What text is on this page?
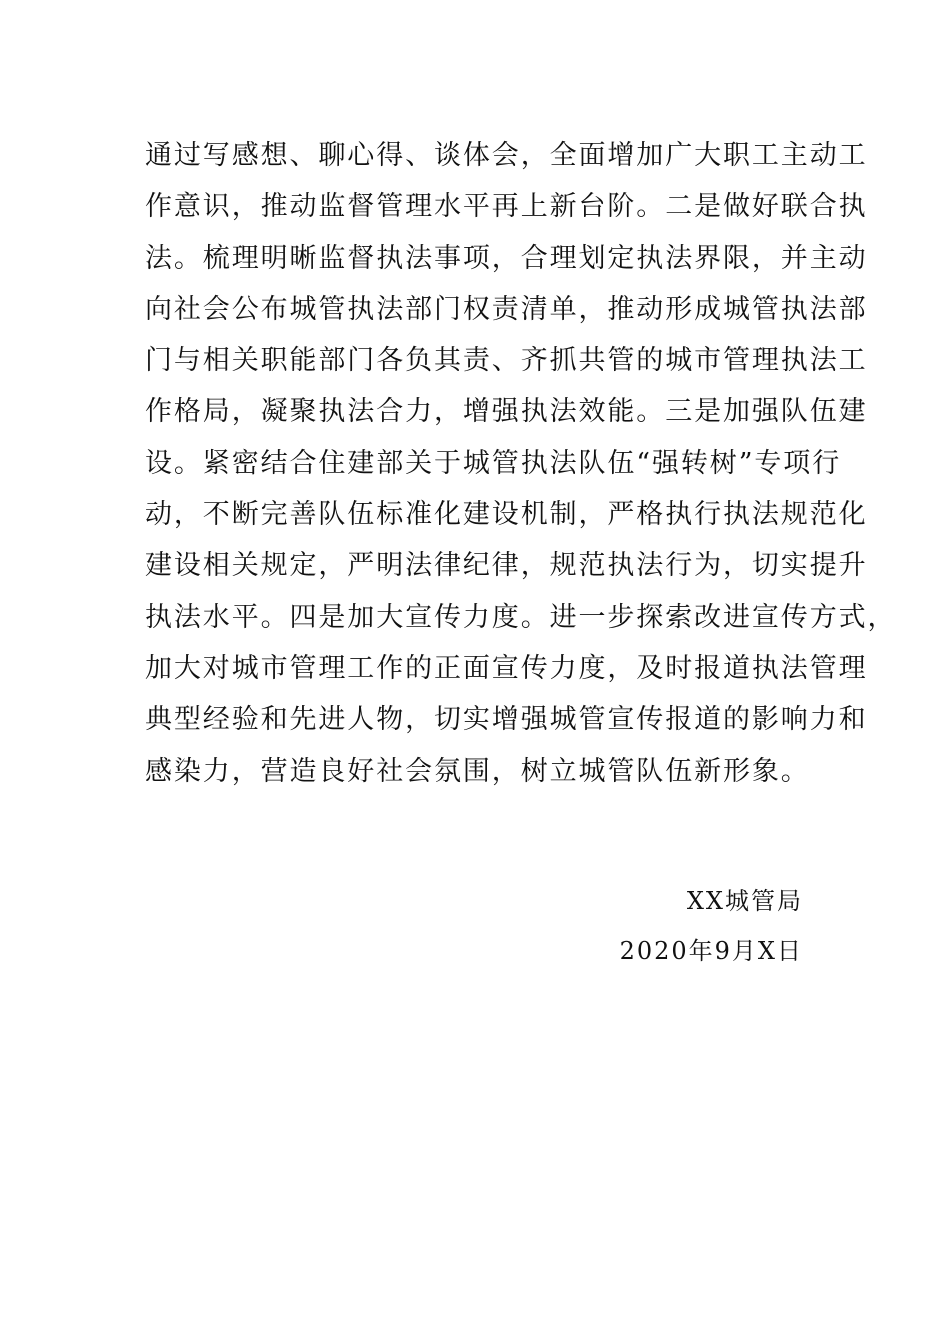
通过写感想、聊心得、谈体会，全面增加广大职工主动工
作意识，推动监督管理水平再上新台阶。二是做好联合执
法。梳理明晰监督执法事项，合理划定执法界限，并主动
向社会公布城管执法部门权责清单，推动形成城管执法部
门与相关职能部门各负其责、齐抓共管的城市管理执法工
作格局，凝聚执法合力，增强执法效能。三是加强队伍建
设。紧密结合住建部关于城管执法队伍“强转树”专项行
动，不断完善队伍标准化建设机制，严格执行执法规范化
建设相关规定，严明法律纪律，规范执法行为，切实提升
执法水平。四是加大宣传力度。进一步探索改进宣传方式，
加大对城市管理工作的正面宣传力度，及时报道执法管理
典型经验和先进人物，切实增强城管宣传报道的影响力和
感染力，营造良好社会氛围，树立城管队伍新形象。
XX城管局
2020年9月X日
